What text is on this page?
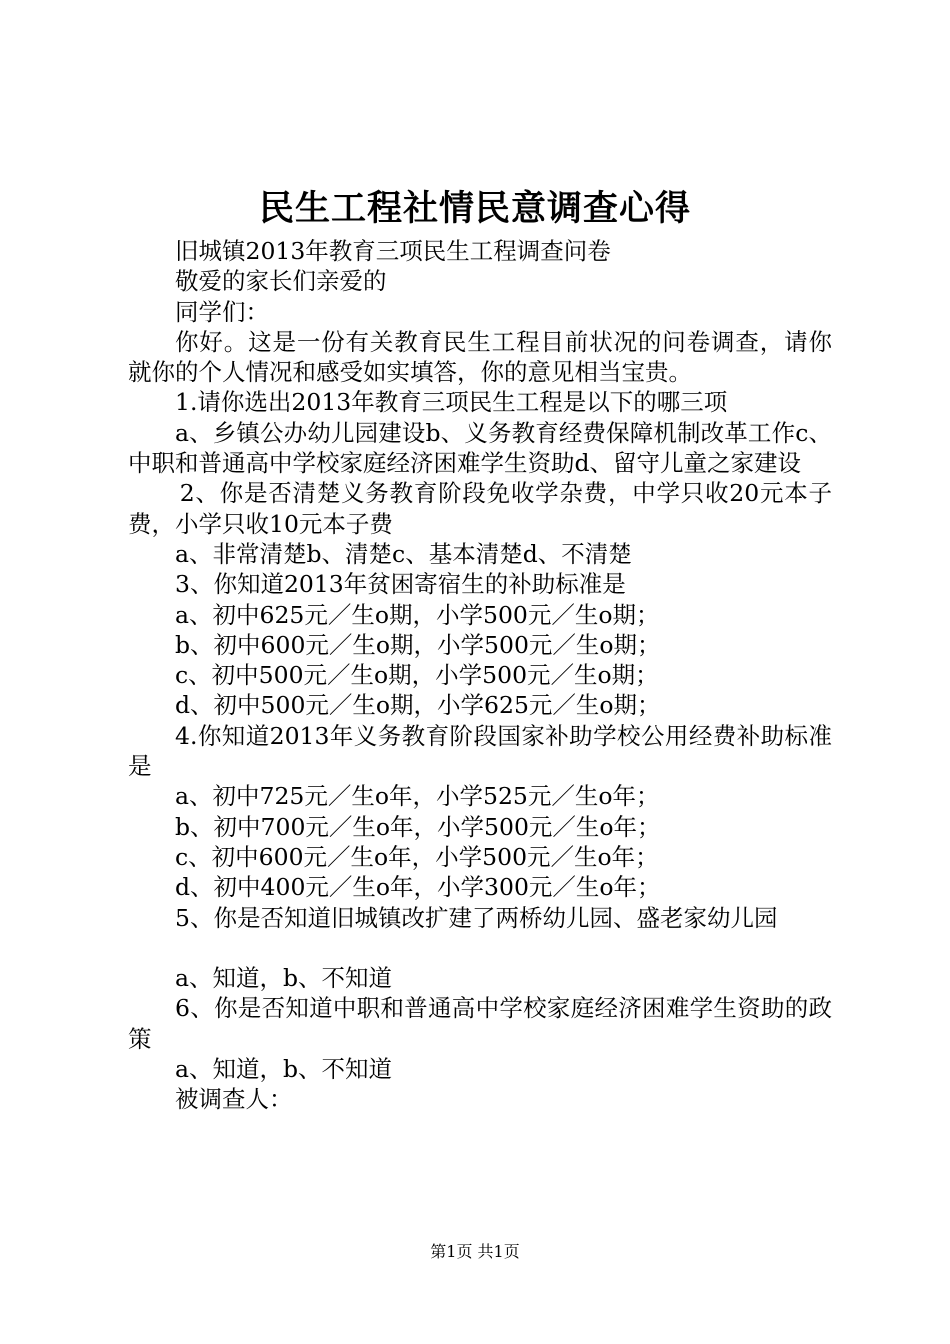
民生工程社情民意调查心得

旧城镇2013年教育三项民生工程调查问卷

敬爱的家长们亲爱的

同学们：

你好。这是一份有关教育民生工程目前状况的问卷调查，请你就你的个人情况和感受如实填答，你的意见相当宝贵。

1.请你选出2013年教育三项民生工程是以下的哪三项

a、乡镇公办幼儿园建设b、义务教育经费保障机制改革工作c、中职和普通高中学校家庭经济困难学生资助d、留守儿童之家建设

2、你是否清楚义务教育阶段免收学杂费，中学只收20元本子费，小学只收10元本子费

a、非常清楚b、清楚c、基本清楚d、不清楚

3、你知道2013年贫困寄宿生的补助标准是

a、初中625元／生ο期，小学500元／生ο期；

b、初中600元／生ο期，小学500元／生ο期；

c、初中500元／生ο期，小学500元／生ο期；

d、初中500元／生ο期，小学625元／生ο期；

4.你知道2013年义务教育阶段国家补助学校公用经费补助标准是

a、初中725元／生ο年，小学525元／生ο年；

b、初中700元／生ο年，小学500元／生ο年；

c、初中600元／生ο年，小学500元／生ο年；

d、初中400元／生ο年，小学300元／生ο年；

5、你是否知道旧城镇改扩建了两桥幼儿园、盛老家幼儿园

a、知道，b、不知道

6、你是否知道中职和普通高中学校家庭经济困难学生资助的政策

a、知道，b、不知道

被调查人：

第1页 共1页
